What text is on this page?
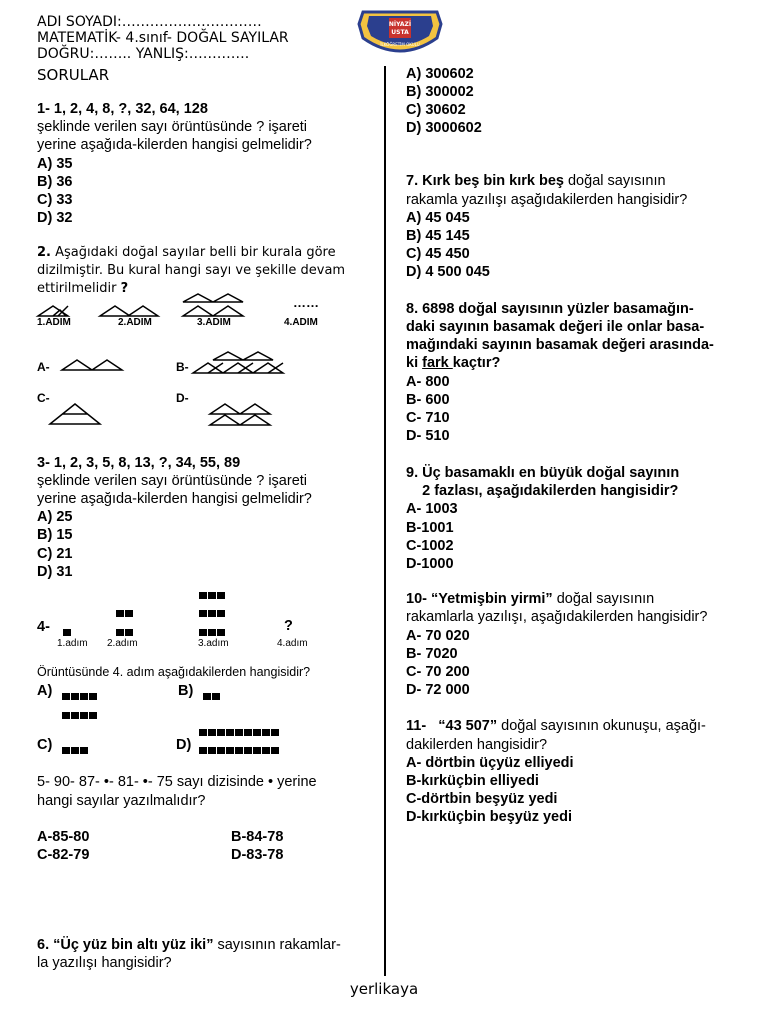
ADI SOYADI:…………………………
MATEMATİK- 4.sınıf- DOĞAL SAYILAR
DOĞRU:…….. YANLIŞ:………….
SORULAR
NİYAZİ
USTA
İLKÖĞRETİM OKULU
1- 1, 2, 4, 8, ?, 32, 64, 128
şeklinde verilen sayı örüntüsünde ? işareti
yerine aşağıda-kilerden hangisi gelmelidir?
A) 35
B) 36
C) 33
D) 32
2. Aşağıdaki doğal sayılar belli bir kurala göre
dizilmiştir. Bu kural hangi sayı ve şekille devam
ettirilmelidir ?
……
1.ADIM	2.ADIM	3.ADIM	4.ADIM
A-	B-
C-	D-
3- 1, 2, 3, 5, 8, 13, ?, 34, 55, 89
şeklinde verilen sayı örüntüsünde ? işareti
yerine aşağıda-kilerden hangisi gelmelidir?
A) 25
B) 15
C) 21
D) 31
4-	?
1.adım 2.adım	3.adım	4.adım
Örüntüsünde 4. adım aşağıdakilerden hangisidir?
A)	B)
C)	D)
5- 90- 87- •- 81- •- 75 sayı dizisinde • yerine
hangi sayılar yazılmalıdır?
A-85-80	B-84-78
C-82-79	D-83-78
6. “Üç yüz bin altı yüz iki” sayısının rakamlar-
la yazılışı hangisidir?
A) 300602
B) 300002
C) 30602
D) 3000602
7. Kırk beş bin kırk beş doğal sayısının
rakamla yazılışı aşağıdakilerden hangisidir?
A) 45 045
B) 45 145
C) 45 450
D) 4 500 045
8. 6898 doğal sayısının yüzler basamağın-
daki sayının basamak değeri ile onlar basa-
mağındaki sayının basamak değeri arasında-
ki fark kaçtır?
A- 800
B- 600
C- 710
D- 510
9. Üç basamaklı en büyük doğal sayının
2 fazlası, aşağıdakilerden hangisidir?
A- 1003
B-1001
C-1002
D-1000
10- “Yetmişbin yirmi” doğal sayısının
rakamlarla yazılışı, aşağıdakilerden hangisidir?
A- 70 020
B- 7020
C- 70 200
D- 72 000
11-   “43 507” doğal sayısının okunuşu, aşağı-
dakilerden hangisidir?
A- dörtbin üçyüz elliyedi
B-kırküçbin elliyedi
C-dörtbin beşyüz yedi
D-kırküçbin beşyüz yedi
yerlikaya
